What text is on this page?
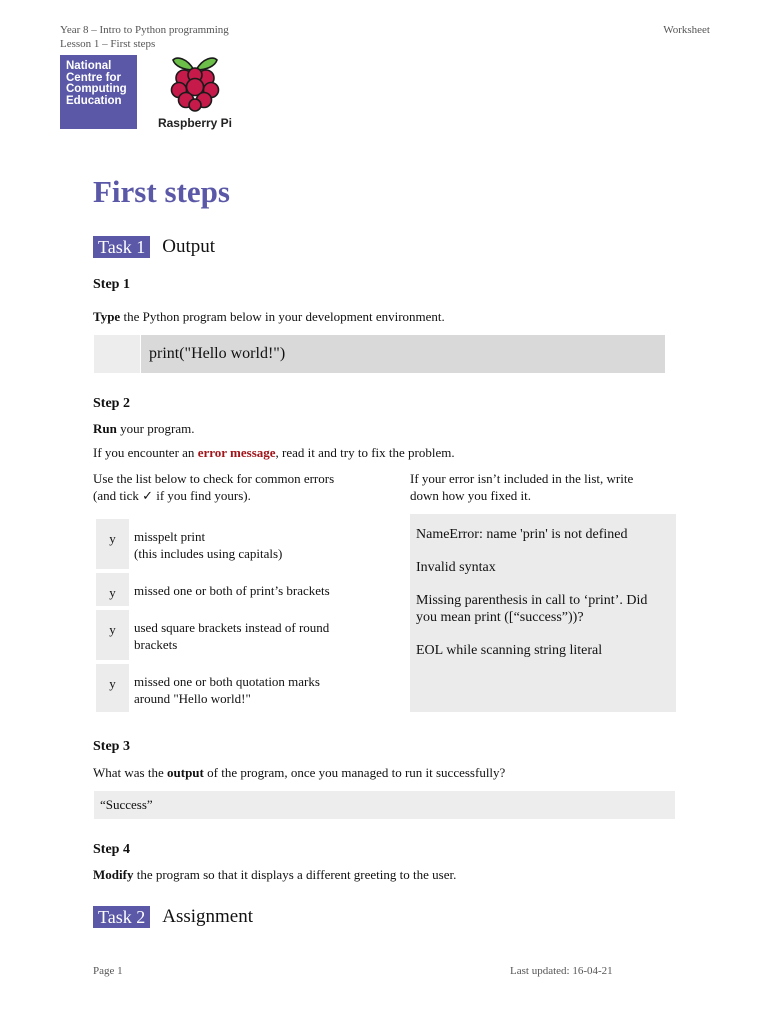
Year 8 – Intro to Python programming
Lesson 1 – First steps
Worksheet
National
Centre for
Computing
Education
Raspberry Pi
First steps
Task 1 Output
Step 1
Type the Python program below in your development environment.
print("Hello world!")
Step 2
Run your program.
If you encounter an error message, read it and try to fix the problem.
Use the list below to check for common errors
(and tick ✓ if you find yours).
If your error isn’t included in the list, write
down how you fixed it.
y	misspelt print
(this includes using capitals)
y	missed one or both of print’s brackets
y	used square brackets instead of round
brackets
y	missed one or both quotation marks
around "Hello world!"

NameError: name 'prin' is not defined

Invalid syntax

Missing parenthesis in call to ‘print’. Did you mean print ([“success”))?

EOL while scanning string literal

Step 3
What was the output of the program, once you managed to run it successfully?
“Success”
Step 4
Modify the program so that it displays a different greeting to the user.
Task 2 Assignment
Page 1	Last updated: 16-04-21
